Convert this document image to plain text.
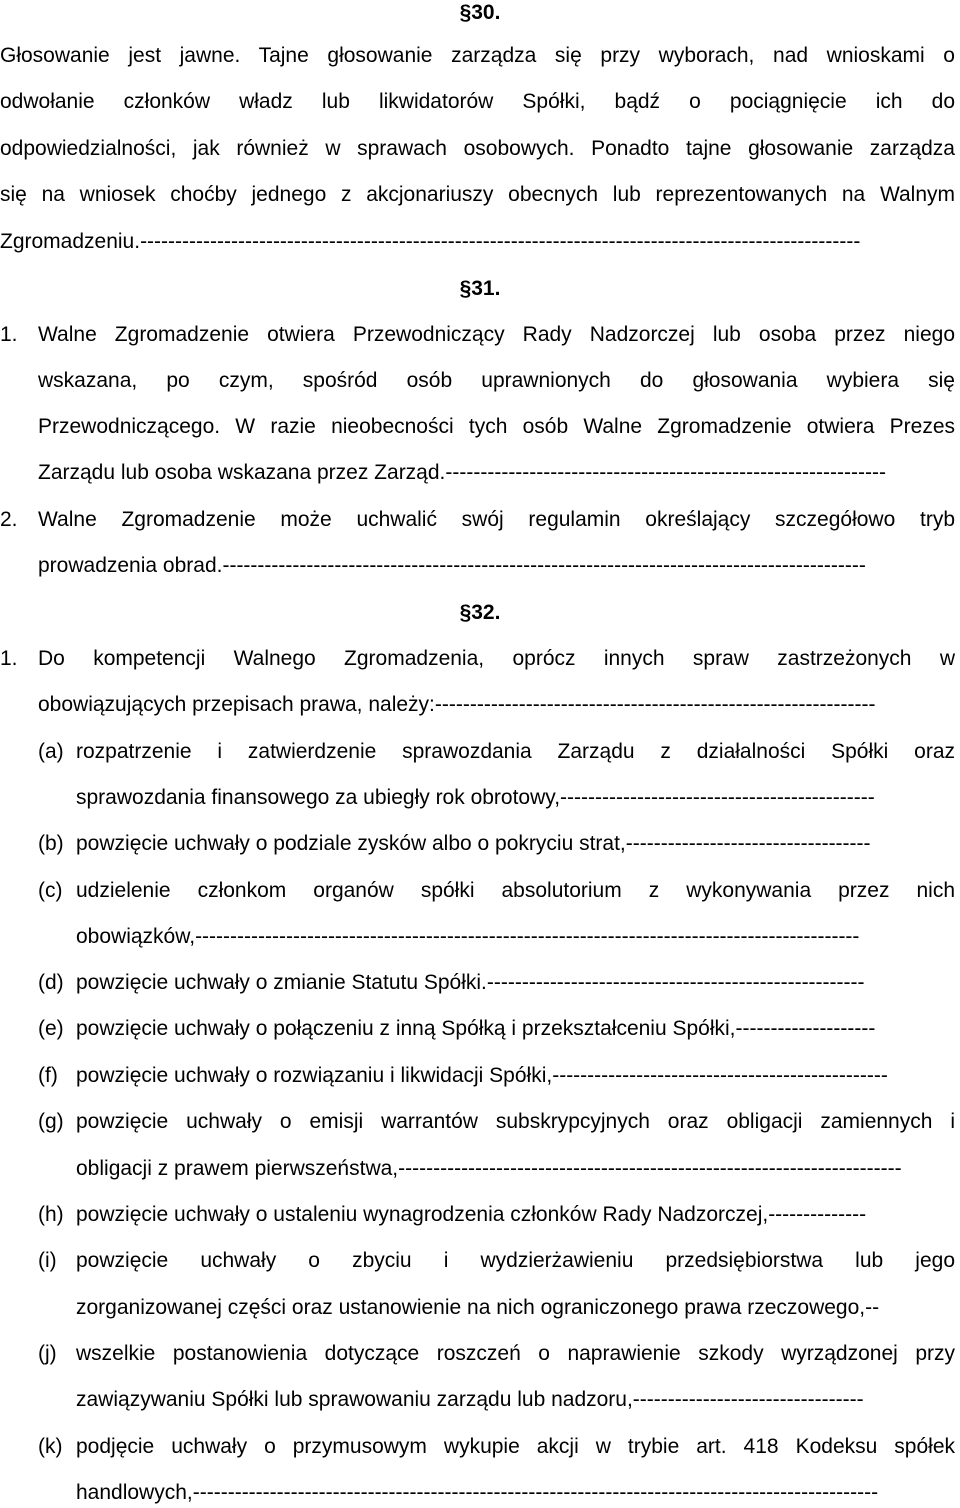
§30.
Głosowanie jest jawne. Tajne głosowanie zarządza się przy wyborach, nad wnioskami o
odwołanie członków władz lub likwidatorów Spółki, bądź o pociągnięcie ich do
odpowiedzialności, jak również w sprawach osobowych. Ponadto tajne głosowanie zarządza
się na wniosek choćby jednego z akcjonariuszy obecnych lub reprezentowanych na Walnym
Zgromadzeniu.-------------------------------------------------------------------------------------------------------
§31.
1. Walne Zgromadzenie otwiera Przewodniczący Rady Nadzorczej lub osoba przez niego
wskazana, po czym, spośród osób uprawnionych do głosowania wybiera się
Przewodniczącego. W razie nieobecności tych osób Walne Zgromadzenie otwiera Prezes
Zarządu lub osoba wskazana przez Zarząd.---------------------------------------------------------------
2. Walne Zgromadzenie może uchwalić swój regulamin określający szczegółowo tryb
prowadzenia obrad.--------------------------------------------------------------------------------------------
§32.
1. Do kompetencji Walnego Zgromadzenia, oprócz innych spraw zastrzeżonych w
obowiązujących przepisach prawa, należy:---------------------------------------------------------------
(a) rozpatrzenie i zatwierdzenie sprawozdania Zarządu z działalności Spółki oraz
sprawozdania finansowego za ubiegły rok obrotowy,---------------------------------------------
(b) powzięcie uchwały o podziale zysków albo o pokryciu strat,-----------------------------------
(c) udzielenie członkom organów spółki absolutorium z wykonywania przez nich
obowiązków,-----------------------------------------------------------------------------------------------
(d) powzięcie uchwały o zmianie Statutu Spółki.------------------------------------------------------
(e) powzięcie uchwały o połączeniu z inną Spółką i przekształceniu Spółki,--------------------
(f) powzięcie uchwały o rozwiązaniu i likwidacji Spółki,------------------------------------------------
(g) powzięcie uchwały o emisji warrantów subskrypcyjnych oraz obligacji zamiennych i
obligacji z prawem pierwszeństwa,------------------------------------------------------------------------
(h) powzięcie uchwały o ustaleniu wynagrodzenia członków Rady Nadzorczej,--------------
(i) powzięcie uchwały o zbyciu i wydzierżawieniu przedsiębiorstwa lub jego
zorganizowanej części oraz ustanowienie na nich ograniczonego prawa rzeczowego,--
(j) wszelkie postanowienia dotyczące roszczeń o naprawienie szkody wyrządzonej przy
zawiązywaniu Spółki lub sprawowaniu zarządu lub nadzoru,---------------------------------
(k) podjęcie uchwały o przymusowym wykupie akcji w trybie art. 418 Kodeksu spółek
handlowych,--------------------------------------------------------------------------------------------------
